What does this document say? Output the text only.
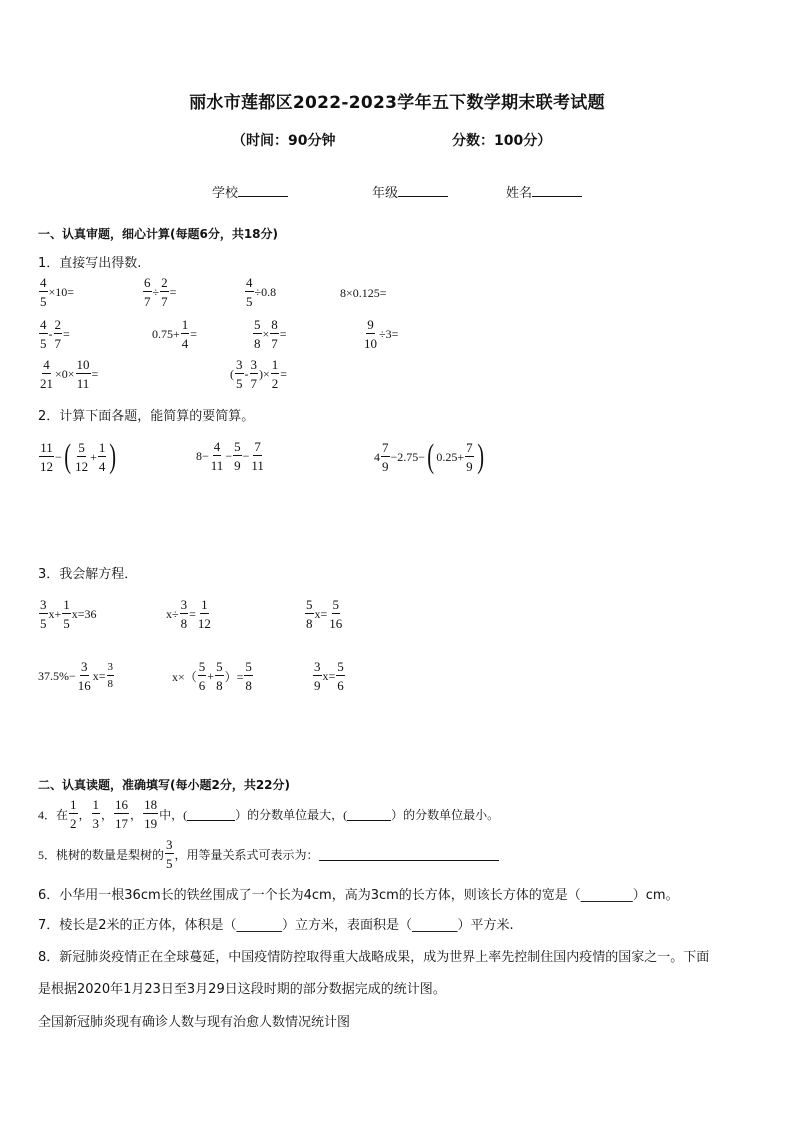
丽水市莲都区2022-2023学年五下数学期末联考试题
（时间：90分钟	分数：100分）
学校	年级	姓名
一、认真审题，细心计算(每题6分，共18分)
1．直接写出得数.
$\frac{4}{5} \times 10=$	$\frac{6}{7} \div \frac{2}{7}$ =	$\frac{4}{5} \div 0.8$	8×0.125=
$\frac{4}{5} - \frac{2}{7}$ =	$0.75+ \frac{1}{4}$ =	$\frac{5}{8} \times \frac{8}{7}$ =	$\frac{9}{10} \div 3=$
$\frac{4}{21} \times 0\times \frac{10}{11}$ =	( $\frac{3}{5} - \frac{3}{7}$ ) × $\frac{1}{2}$ =
2．计算下面各题，能简算的要简算。
$\frac{11}{12}$ − ( $\frac{5}{12} + \frac{1}{4}$ )	$8- \frac{4}{11} - \frac{5}{9} - \frac{7}{11}$	$4 \frac{7}{9} -2.75-$ ( $0.25+ \frac{7}{9}$ )
3．我会解方程．
$\frac{3}{5} x+ \frac{1}{5} x=36$	$x\div \frac{3}{8} = \frac{1}{12}$	$\frac{5}{8} x= \frac{5}{16}$
$37.5\%- \frac{3}{16} x= \frac{3}{8}$	$x\times( \frac{5}{6} + \frac{5}{8}$ ）= $\frac{5}{8}$	$\frac{3}{9} x= \frac{5}{6}$
二、认真读题，准确填写(每小题2分，共22分)
4．在 $\frac{1}{2}$ ， $\frac{1}{3}$ ， $\frac{16}{17}$ ， $\frac{18}{19}$ 中，(	）的分数单位最大，(	）的分数单位最小。
5．桃树的数量是梨树的 $\frac{3}{5}$ ，用等量关系式可表示为：
6．小华用一根36cm长的铁丝围成了一个长为4cm，高为3cm的长方体，则该长方体的宽是（________）cm。
7．棱长是2米的正方体，体积是（_______）立方米，表面积是（_______）平方米.
8．新冠肺炎疫情正在全球蔓延，中国疫情防控取得重大战略成果，成为世界上率先控制住国内疫情的国家之一。下面
是根据2020年1月23日至3月29日这段时期的部分数据完成的统计图。
全国新冠肺炎现有确诊人数与现有治愈人数情况统计图
